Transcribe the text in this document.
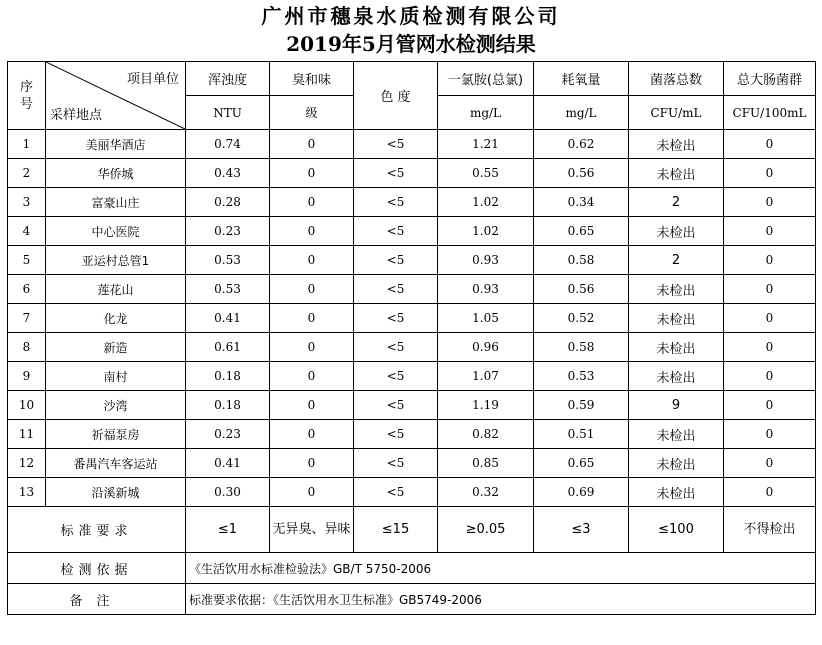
广州市穗泉水质检测有限公司
2019年5月管网水检测结果
序号	项目单位
采样地点	浑浊度	臭和味	色 度	一氯胺(总氯)	耗氧量	菌落总数	总大肠菌群
		NTU	级		mg/L	mg/L	CFU/mL	CFU/100mL
1	美丽华酒店	0.74	0	<5	1.21	0.62	未检出	0
2	华侨城	0.43	0	<5	0.55	0.56	未检出	0
3	富豪山庄	0.28	0	<5	1.02	0.34	2	0
4	中心医院	0.23	0	<5	1.02	0.65	未检出	0
5	亚运村总管1	0.53	0	<5	0.93	0.58	2	0
6	莲花山	0.53	0	<5	0.93	0.56	未检出	0
7	化龙	0.41	0	<5	1.05	0.52	未检出	0
8	新造	0.61	0	<5	0.96	0.58	未检出	0
9	南村	0.18	0	<5	1.07	0.53	未检出	0
10	沙湾	0.18	0	<5	1.19	0.59	9	0
11	祈福泵房	0.23	0	<5	0.82	0.51	未检出	0
12	番禺汽车客运站	0.41	0	<5	0.85	0.65	未检出	0
13	沿溪新城	0.30	0	<5	0.32	0.69	未检出	0
标准要求		≤1	无异臭、异味	≤15	≥0.05	≤3	≤100	不得检出
检测依据		《生活饮用水标准检验法》GB/T 5750-2006						
备注		标准要求依据：《生活饮用水卫生标准》GB5749-2006						
